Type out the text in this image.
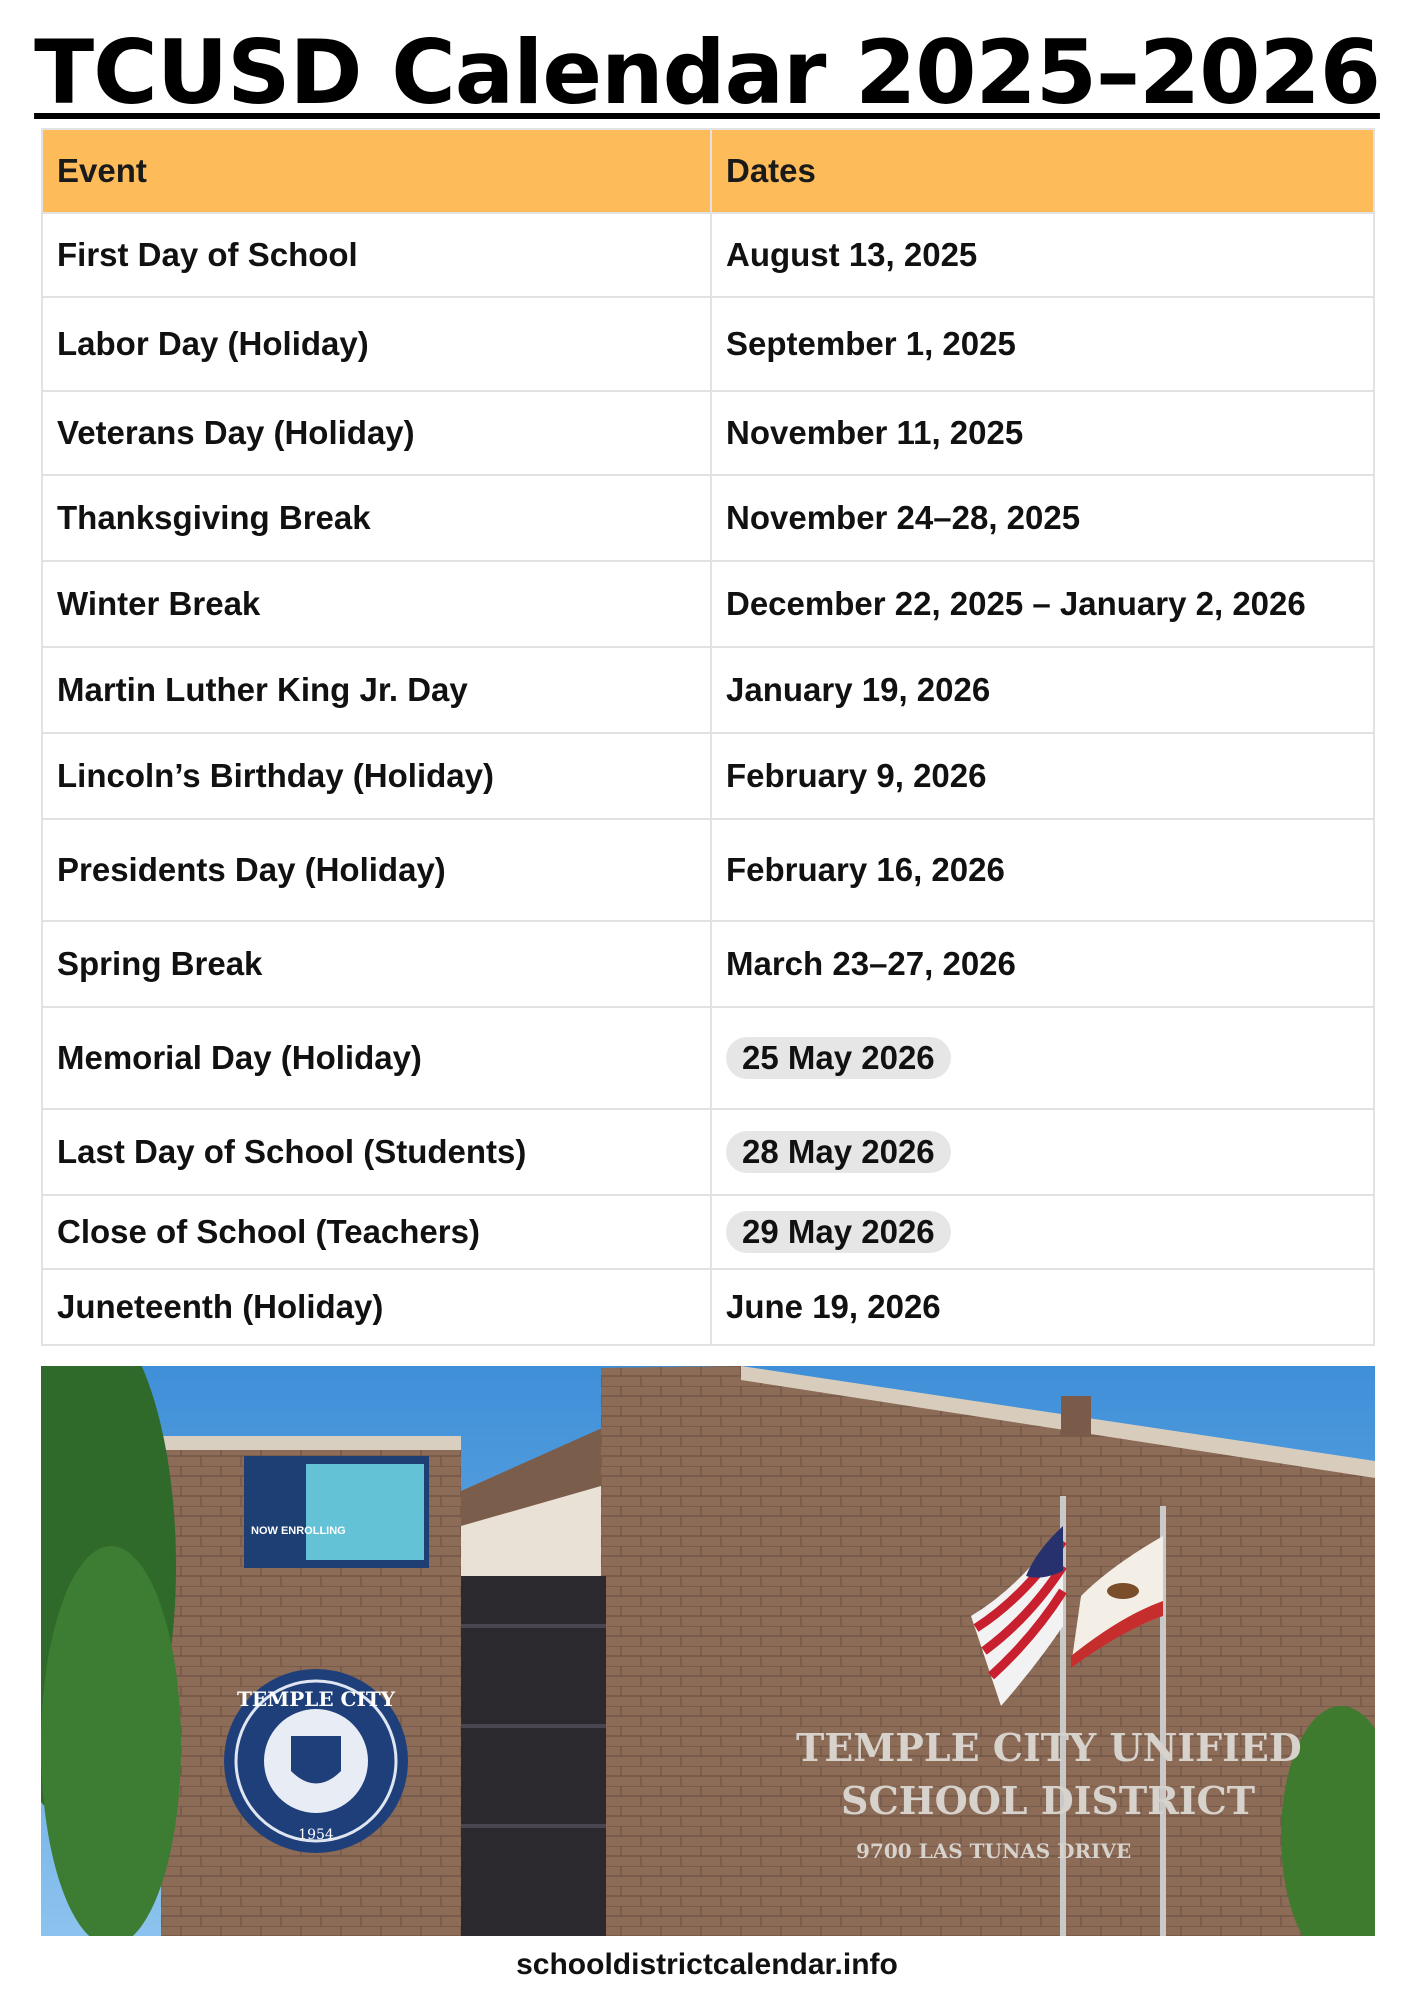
TCUSD Calendar 2025–2026
Event	Dates
First Day of School	August 13, 2025
Labor Day (Holiday)	September 1, 2025
Veterans Day (Holiday)	November 11, 2025
Thanksgiving Break	November 24–28, 2025
Winter Break	December 22, 2025 – January 2, 2026
Martin Luther King Jr. Day	January 19, 2026
Lincoln’s Birthday (Holiday)	February 9, 2026
Presidents Day (Holiday)	February 16, 2026
Spring Break	March 23–27, 2026
Memorial Day (Holiday)	25 May 2026
Last Day of School (Students)	28 May 2026
Close of School (Teachers)	29 May 2026
Juneteenth (Holiday)	June 19, 2026
NOW ENROLLING
TEMPLE CITY
1954
TEMPLE CITY UNIFIED
SCHOOL DISTRICT
9700 LAS TUNAS DRIVE
schooldistrictcalendar.info
